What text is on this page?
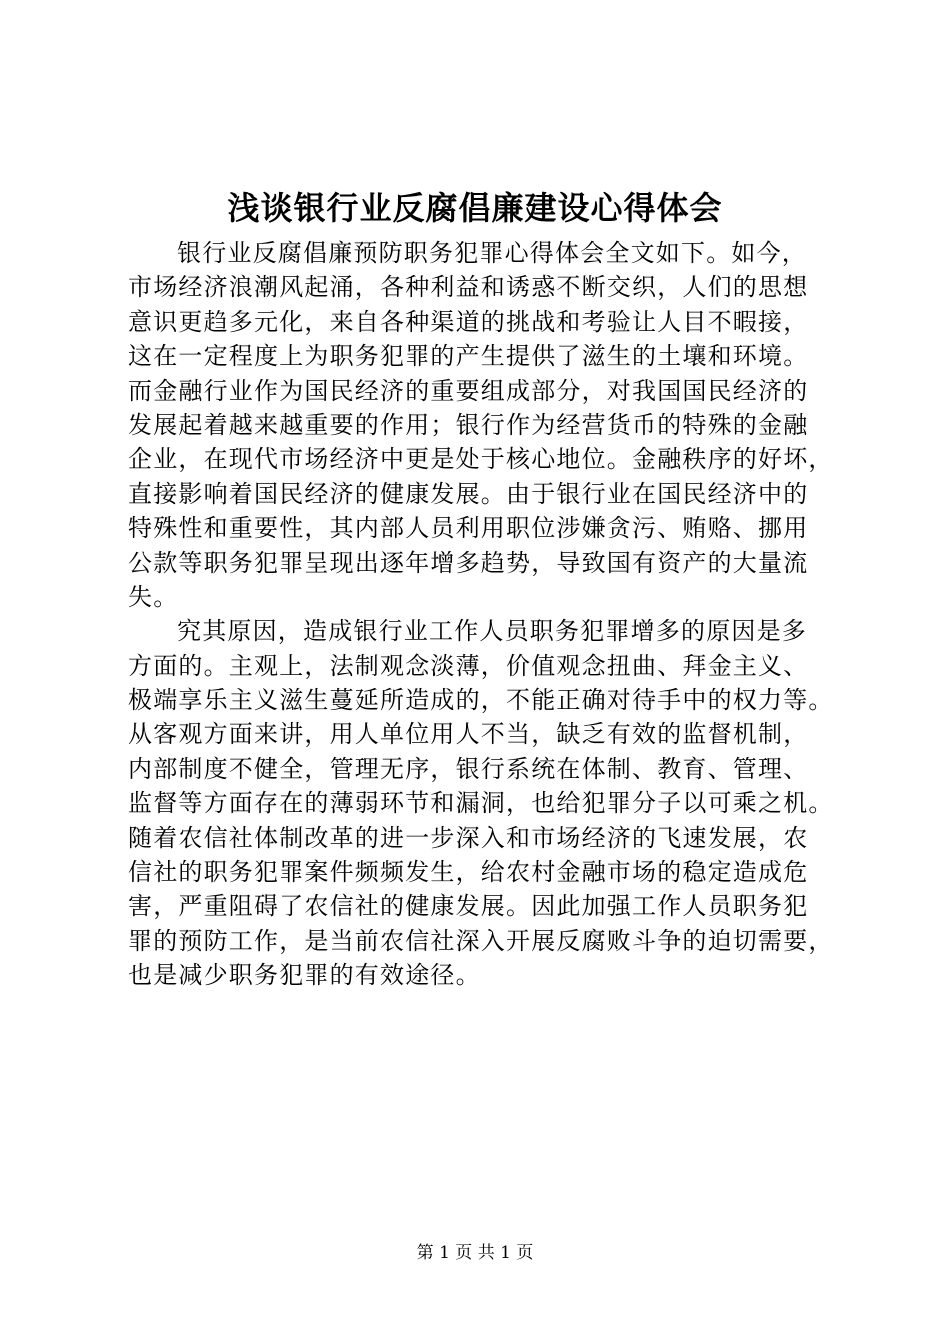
浅谈银行业反腐倡廉建设心得体会
银行业反腐倡廉预防职务犯罪心得体会全文如下。如今，
市场经济浪潮风起涌，各种利益和诱惑不断交织，人们的思想
意识更趋多元化，来自各种渠道的挑战和考验让人目不暇接，
这在一定程度上为职务犯罪的产生提供了滋生的土壤和环境。
而金融行业作为国民经济的重要组成部分，对我国国民经济的
发展起着越来越重要的作用；银行作为经营货币的特殊的金融
企业，在现代市场经济中更是处于核心地位。金融秩序的好坏，
直接影响着国民经济的健康发展。由于银行业在国民经济中的
特殊性和重要性，其内部人员利用职位涉嫌贪污、贿赂、挪用
公款等职务犯罪呈现出逐年增多趋势，导致国有资产的大量流
失。
究其原因，造成银行业工作人员职务犯罪增多的原因是多
方面的。主观上，法制观念淡薄，价值观念扭曲、拜金主义、
极端享乐主义滋生蔓延所造成的，不能正确对待手中的权力等。
从客观方面来讲，用人单位用人不当，缺乏有效的监督机制，
内部制度不健全，管理无序，银行系统在体制、教育、管理、
监督等方面存在的薄弱环节和漏洞，也给犯罪分子以可乘之机。
随着农信社体制改革的进一步深入和市场经济的飞速发展，农
信社的职务犯罪案件频频发生，给农村金融市场的稳定造成危
害，严重阻碍了农信社的健康发展。因此加强工作人员职务犯
罪的预防工作，是当前农信社深入开展反腐败斗争的迫切需要，
也是减少职务犯罪的有效途径。
第 1 页 共 1 页
